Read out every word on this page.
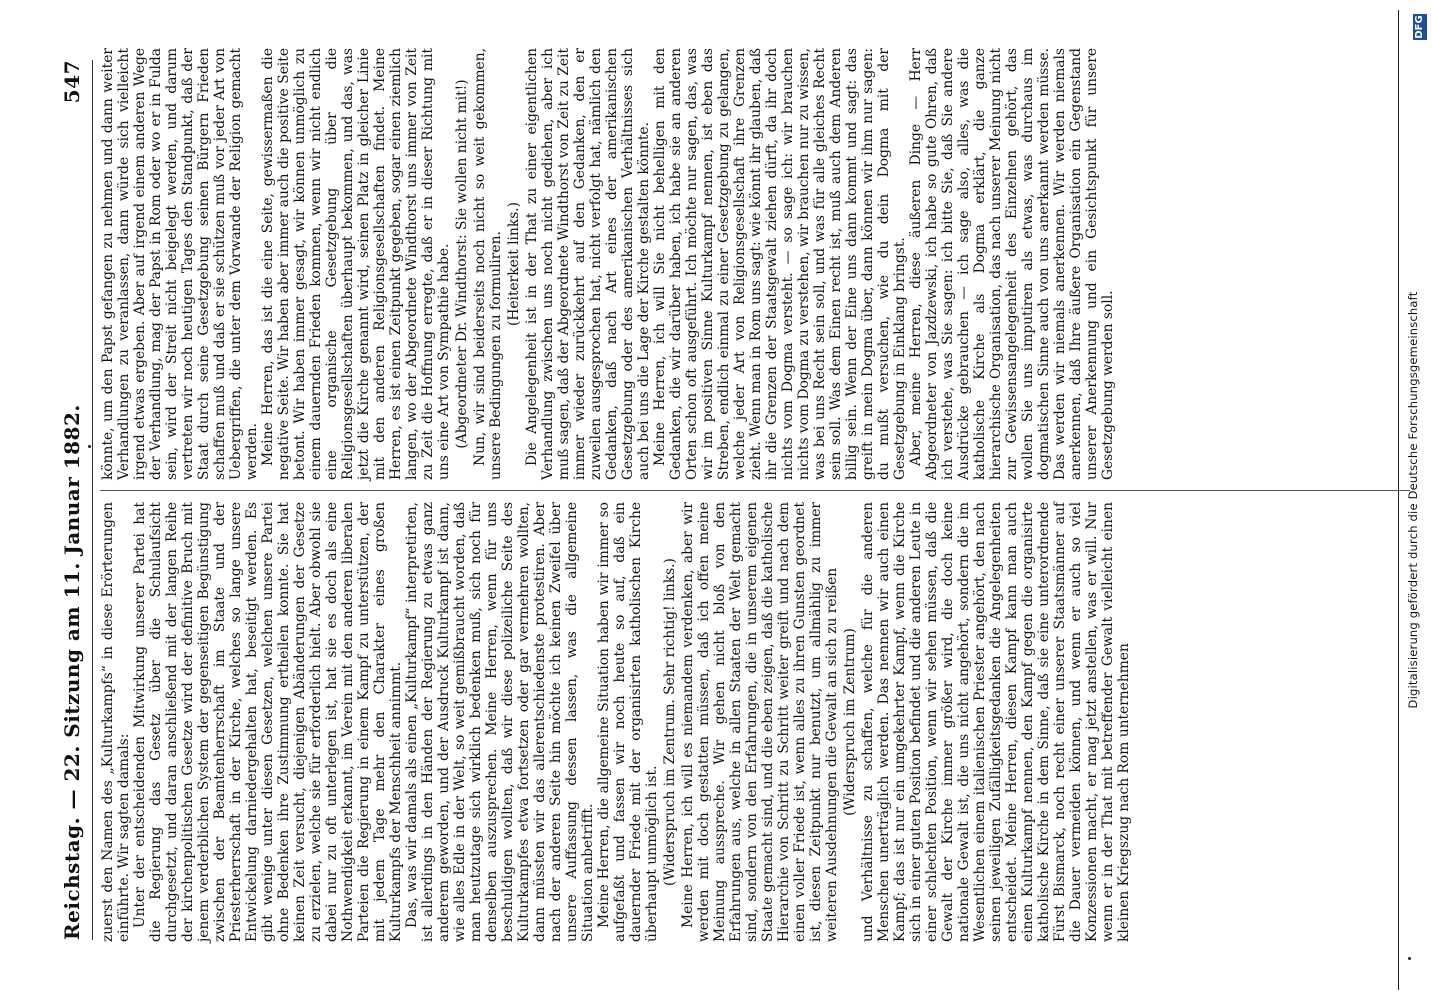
Reichstag. — 22. Sitzung am 11. Januar 1882.
547

zuerst den Namen des „Kulturkampfs“ in diese Erörterungen einführte. Wir sagten damals: Unter der entscheidenden Mitwirkung unserer Partei hat die Regierung das Gesetz über die Schulaufsicht durchgesetzt, und daran anschließend mit der langen Reihe der kirchenpolitischen Gesetze wird der definitive Bruch mit jenem verderblichen System der gegenseitigen Begünstigung zwischen der Beamtenherrschaft im Staate und der Priesterherrschaft in der Kirche, welches so lange unsere Entwickelung darniedergehalten hat, beseitigt werden. Es gibt wenige unter diesen Gesetzen, welchen unsere Partei ohne Bedenken ihre Zustimmung ertheilen konnte. Sie hat keinen Zeit versucht, diejenigen Abänderungen der Gesetze zu erzielen, welche sie für erforderlich hielt. Aber obwohl sie dabei nur zu oft unterlegen ist, hat sie es doch als eine Nothwendigkeit erkannt, im Verein mit den anderen liberalen Parteien die Regierung in einem Kampf zu unterstützen, der mit jedem Tage mehr den Charakter eines großen Kulturkampfs der Menschheit annimmt. Das, was wir damals als einen „Kulturkampf“ interpretirten, ist allerdings in den Händen der Regierung zu etwas ganz anderem geworden, und der Ausdruck Kulturkampf ist dann, wie alles Edle in der Welt, so weit gemißbraucht worden, daß man heutzutage sich wirklich bedenken muß, sich noch für denselben auszusprechen. Meine Herren, wenn für uns beschuldigen wollten, daß wir diese polizeiliche Seite des Kulturkampfes etwa fortsetzen oder gar vermehren wollten, dann müssten wir das allerentschiedenste protestiren. Aber nach der anderen Seite hin möchte ich keinen Zweifel über unsere Auffassung dessen lassen, was die allgemeine Situation anbetrifft. Meine Herren, die allgemeine Situation haben wir immer so aufgefaßt und fassen wir noch heute so auf, daß ein dauernder Friede mit der organisirten katholischen Kirche überhaupt unmöglich ist. (Widerspruch im Zentrum. Sehr richtig! links.) Meine Herren, ich will es niemandem verdenken, aber wir werden mit doch gestatten müssen, daß ich offen meine Meinung ausspreche. Wir gehen nicht bloß von den Erfahrungen aus, welche in allen Staaten der Welt gemacht sind, sondern von den Erfahrungen, die in unserem eigenen Staate gemacht sind, und die eben zeigen, daß die katholische Hierarchie von Schritt zu Schritt weiter greift und nach dem einen voller Friede ist, wenn alles zu ihren Gunsten geordnet ist, diesen Zeitpunkt nur benutzt, um allmählig zu immer weiteren Ausdehnungen die Gewalt an sich zu reißen (Widerspruch im Zentrum) und Verhältnisse zu schaffen, welche für die anderen Menschen unerträglich werden. Das nennen wir auch einen Kampf; das ist nur ein umgekehrter Kampf, wenn die Kirche sich in einer guten Position befindet und die anderen Leute in einer schlechten Position, wenn wir sehen müssen, daß die Gewalt der Kirche immer größer wird, die doch keine nationale Gewalt ist, die uns nicht angehört, sondern die im Wesentlichen einem italienischen Priester angehört, den nach seinen jeweiligen Zufälligkeitsgedanken die Angelegenheiten entscheidet. Meine Herren, diesen Kampf kann man auch einen Kulturkampf nennen, den Kampf gegen die organisirte katholische Kirche in dem Sinne, daß sie eine unterordnende Fürst Bismarck, noch recht einer unserer Staatsmänner auf die Dauer vermeiden können, und wenn er auch so viel Konzessionen macht, er mag jetzt anstellen, was er will. Nur wenn er in der That mit betreffender Gewalt vielleicht einen kleinen Kriegszug nach Rom unternehmen

könnte, um den Papst gefangen zu nehmen und dann weiter Verhandlungen zu veranlassen, dann würde sich vielleicht irgend etwas ergeben. Aber auf irgend einem anderen Wege der Verhandlung, mag der Papst in Rom oder wo er in Fulda sein, wird der Streit nicht beigelegt werden, und darum vertreten wir noch heutigen Tages den Standpunkt, daß der Staat durch seine Gesetzgebung seinen Bürgern Frieden schaffen muß und daß er sie schützen muß vor jeder Art von Uebergriffen, die unter dem Vorwande der Religion gemacht werden. Meine Herren, das ist die eine Seite, gewissermaßen die negative Seite. Wir haben aber immer auch die positive Seite betont. Wir haben immer gesagt, wir können unmöglich zu einem dauernden Frieden kommen, wenn wir nicht endlich eine organische Gesetzgebung über die Religionsgesellschaften überhaupt bekommen, und das, was jetzt die Kirche genannt wird, seinen Platz in gleicher Linie mit den anderen Religionsgesellschaften findet. Meine Herren, es ist einen Zeitpunkt gegeben, sogar einen ziemlich langen, wo der Abgeordnete Windthorst uns immer von Zeit zu Zeit die Hoffnung erregte, daß er in dieser Richtung mit uns eine Art von Sympathie habe. (Abgeordneter Dr. Windthorst: Sie wollen nicht mit!) Nun, wir sind beiderseits noch nicht so weit gekommen, unsere Bedingungen zu formuliren. (Heiterkeit links.) Die Angelegenheit ist in der That zu einer eigentlichen Verhandlung zwischen uns noch nicht gediehen, aber ich muß sagen, daß der Abgeordnete Windthorst von Zeit zu Zeit immer wieder zurückkehrt auf den Gedanken, den er zuweilen ausgesprochen hat, nicht verfolgt hat, nämlich den Gedanken, daß nach Art eines der amerikanischen Gesetzgebung oder des amerikanischen Verhältnisses sich auch bei uns die Lage der Kirche gestalten könnte. Meine Herren, ich will Sie nicht behelligen mit den Gedanken, die wir darüber haben, ich habe sie an anderen Orten schon oft ausgeführt. Ich möchte nur sagen, das, was wir im positiven Sinne Kulturkampf nennen, ist eben das Streben, endlich einmal zu einer Gesetzgebung zu gelangen, welche jeder Art von Religionsgesellschaft ihre Grenzen zieht. Wenn man in Rom uns sagt: wie könnt ihr glauben, daß ihr die Grenzen der Staatsgewalt ziehen dürft, da ihr doch nichts vom Dogma versteht. — so sage ich: wir brauchen nichts vom Dogma zu verstehen, wir brauchen nur zu wissen, was bei uns Recht sein soll, und was für alle gleiches Recht sein soll. Was dem Einen recht ist, muß auch dem Anderen billig sein. Wenn der Eine uns dann kommt und sagt: das greift in mein Dogma über, dann können wir ihm nur sagen: du mußt versuchen, wie du dein Dogma mit der Gesetzgebung in Einklang bringst. Aber, meine Herren, diese äußeren Dinge — Herr Abgeordneter von Jazdzewski, ich habe so gute Ohren, daß ich verstehe, was Sie sagen: ich bitte Sie, daß Sie andere Ausdrücke gebrauchen — ich sage also, alles, was die katholische Kirche als Dogma erklärt, die ganze hierarchische Organisation, das nach unserer Meinung nicht zur Gewissensangelegenheit des Einzelnen gehört, das wollen Sie uns imputiren als etwas, was durchaus im dogmatischen Sinne auch von uns anerkannt werden müsse. Das werden wir niemals anerkennen. Wir werden niemals anerkennen, daß Ihre äußere Organisation ein Gegenstand unserer Anerkennung und ein Gesichtspunkt für unsere Gesetzgebung werden soll.	Digitalisierung gefördert durch die Deutsche Forschungsgemeinschaft
DFG
